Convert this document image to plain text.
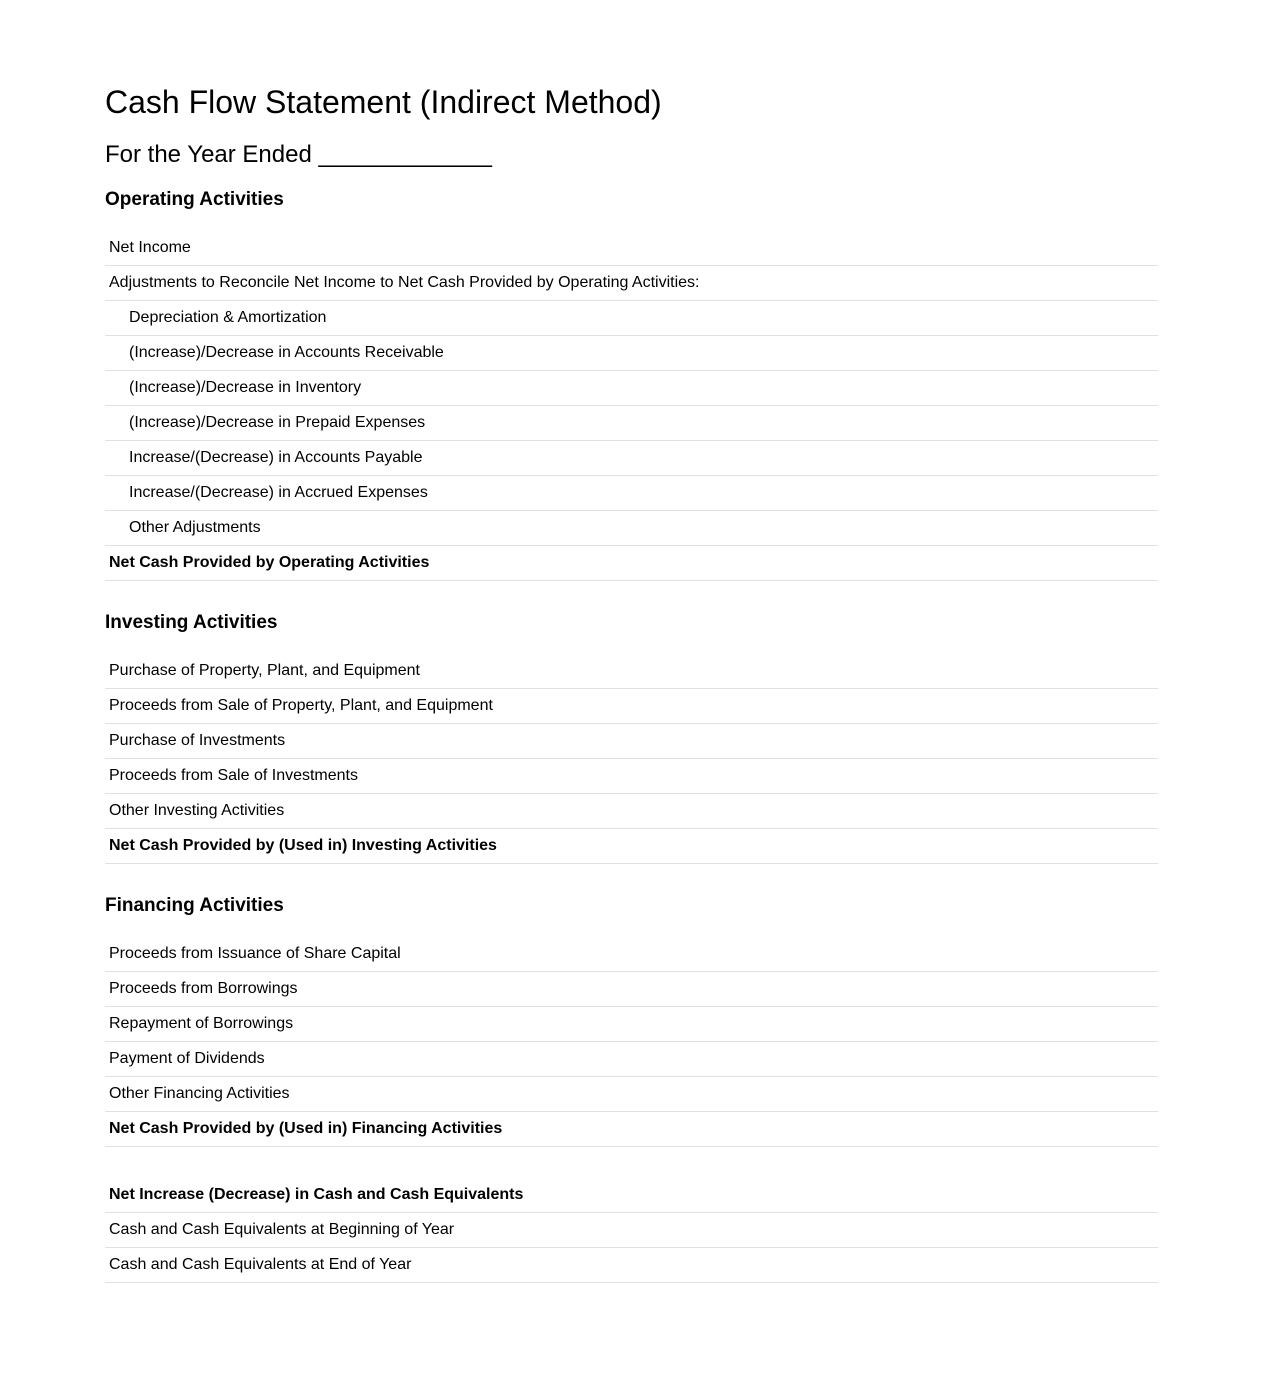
Cash Flow Statement (Indirect Method)
For the Year Ended _____________
Operating Activities
Net Income
Adjustments to Reconcile Net Income to Net Cash Provided by Operating Activities:
Depreciation & Amortization
(Increase)/Decrease in Accounts Receivable
(Increase)/Decrease in Inventory
(Increase)/Decrease in Prepaid Expenses
Increase/(Decrease) in Accounts Payable
Increase/(Decrease) in Accrued Expenses
Other Adjustments
Net Cash Provided by Operating Activities
Investing Activities
Purchase of Property, Plant, and Equipment
Proceeds from Sale of Property, Plant, and Equipment
Purchase of Investments
Proceeds from Sale of Investments
Other Investing Activities
Net Cash Provided by (Used in) Investing Activities
Financing Activities
Proceeds from Issuance of Share Capital
Proceeds from Borrowings
Repayment of Borrowings
Payment of Dividends
Other Financing Activities
Net Cash Provided by (Used in) Financing Activities
Net Increase (Decrease) in Cash and Cash Equivalents
Cash and Cash Equivalents at Beginning of Year
Cash and Cash Equivalents at End of Year
